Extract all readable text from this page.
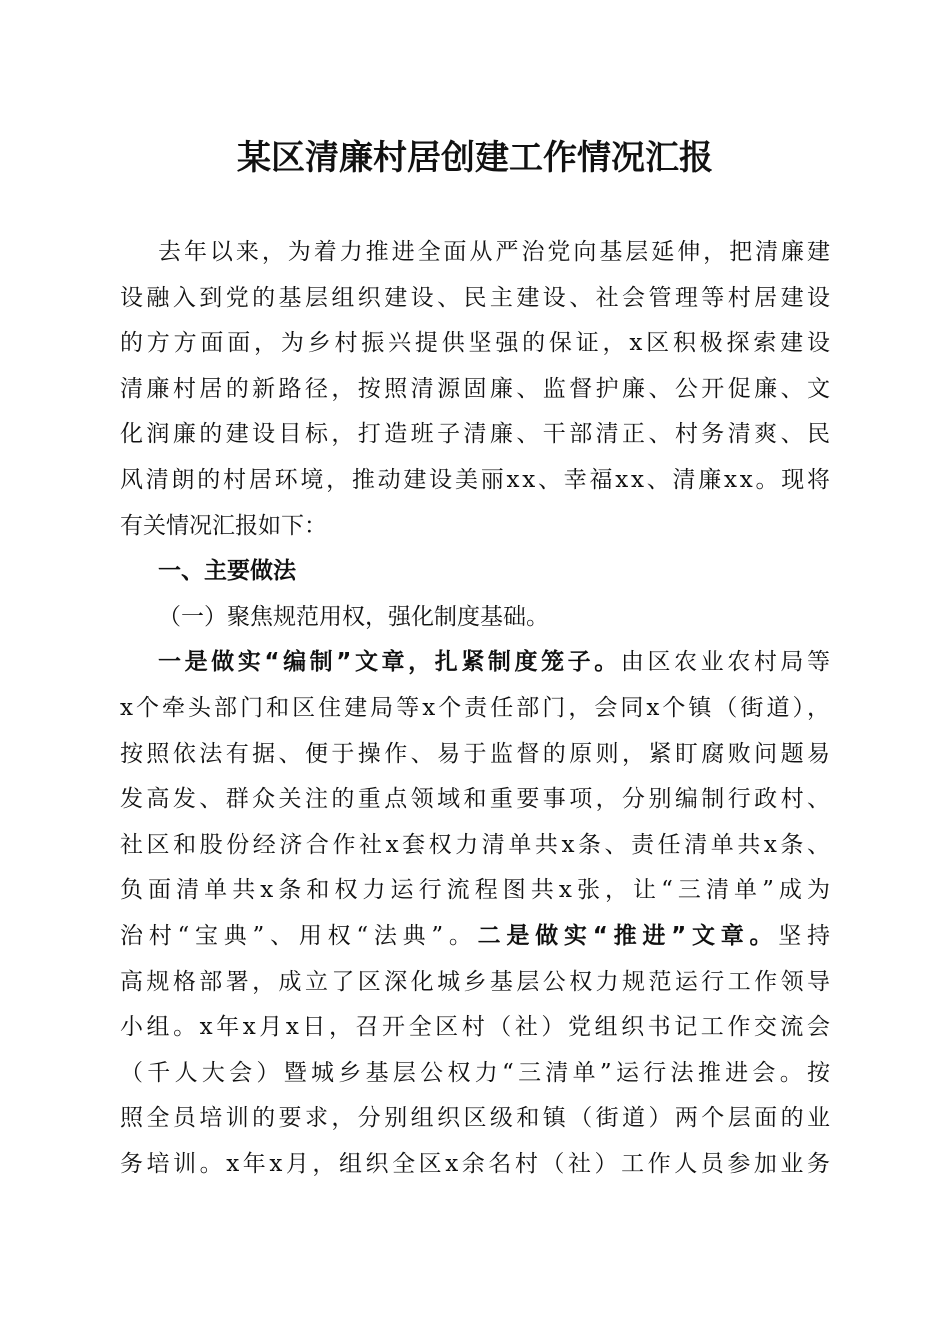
某区清廉村居创建工作情况汇报
去年以来，为着力推进全面从严治党向基层延伸，把清廉建
设融入到党的基层组织建设、民主建设、社会管理等村居建设
的方方面面，为乡村振兴提供坚强的保证，x区积极探索建设
清廉村居的新路径，按照清源固廉、监督护廉、公开促廉、文
化润廉的建设目标，打造班子清廉、干部清正、村务清爽、民
风清朗的村居环境，推动建设美丽xx、幸福xx、清廉xx。现将
有关情况汇报如下：
一、主要做法
（一）聚焦规范用权，强化制度基础。
一是做实“编制”文章，扎紧制度笼子。由区农业农村局等
x个牵头部门和区住建局等x个责任部门，会同x个镇（街道），
按照依法有据、便于操作、易于监督的原则，紧盯腐败问题易
发高发、群众关注的重点领域和重要事项，分别编制行政村、
社区和股份经济合作社x套权力清单共x条、责任清单共x条、
负面清单共x条和权力运行流程图共x张，让“三清单”成为
治村“宝典”、用权“法典”。二是做实“推进”文章。坚持
高规格部署，成立了区深化城乡基层公权力规范运行工作领导
小组。x年x月x日，召开全区村（社）党组织书记工作交流会
（千人大会）暨城乡基层公权力“三清单”运行法推进会。按
照全员培训的要求，分别组织区级和镇（街道）两个层面的业
务培训。x年x月，组织全区x余名村（社）工作人员参加业务
